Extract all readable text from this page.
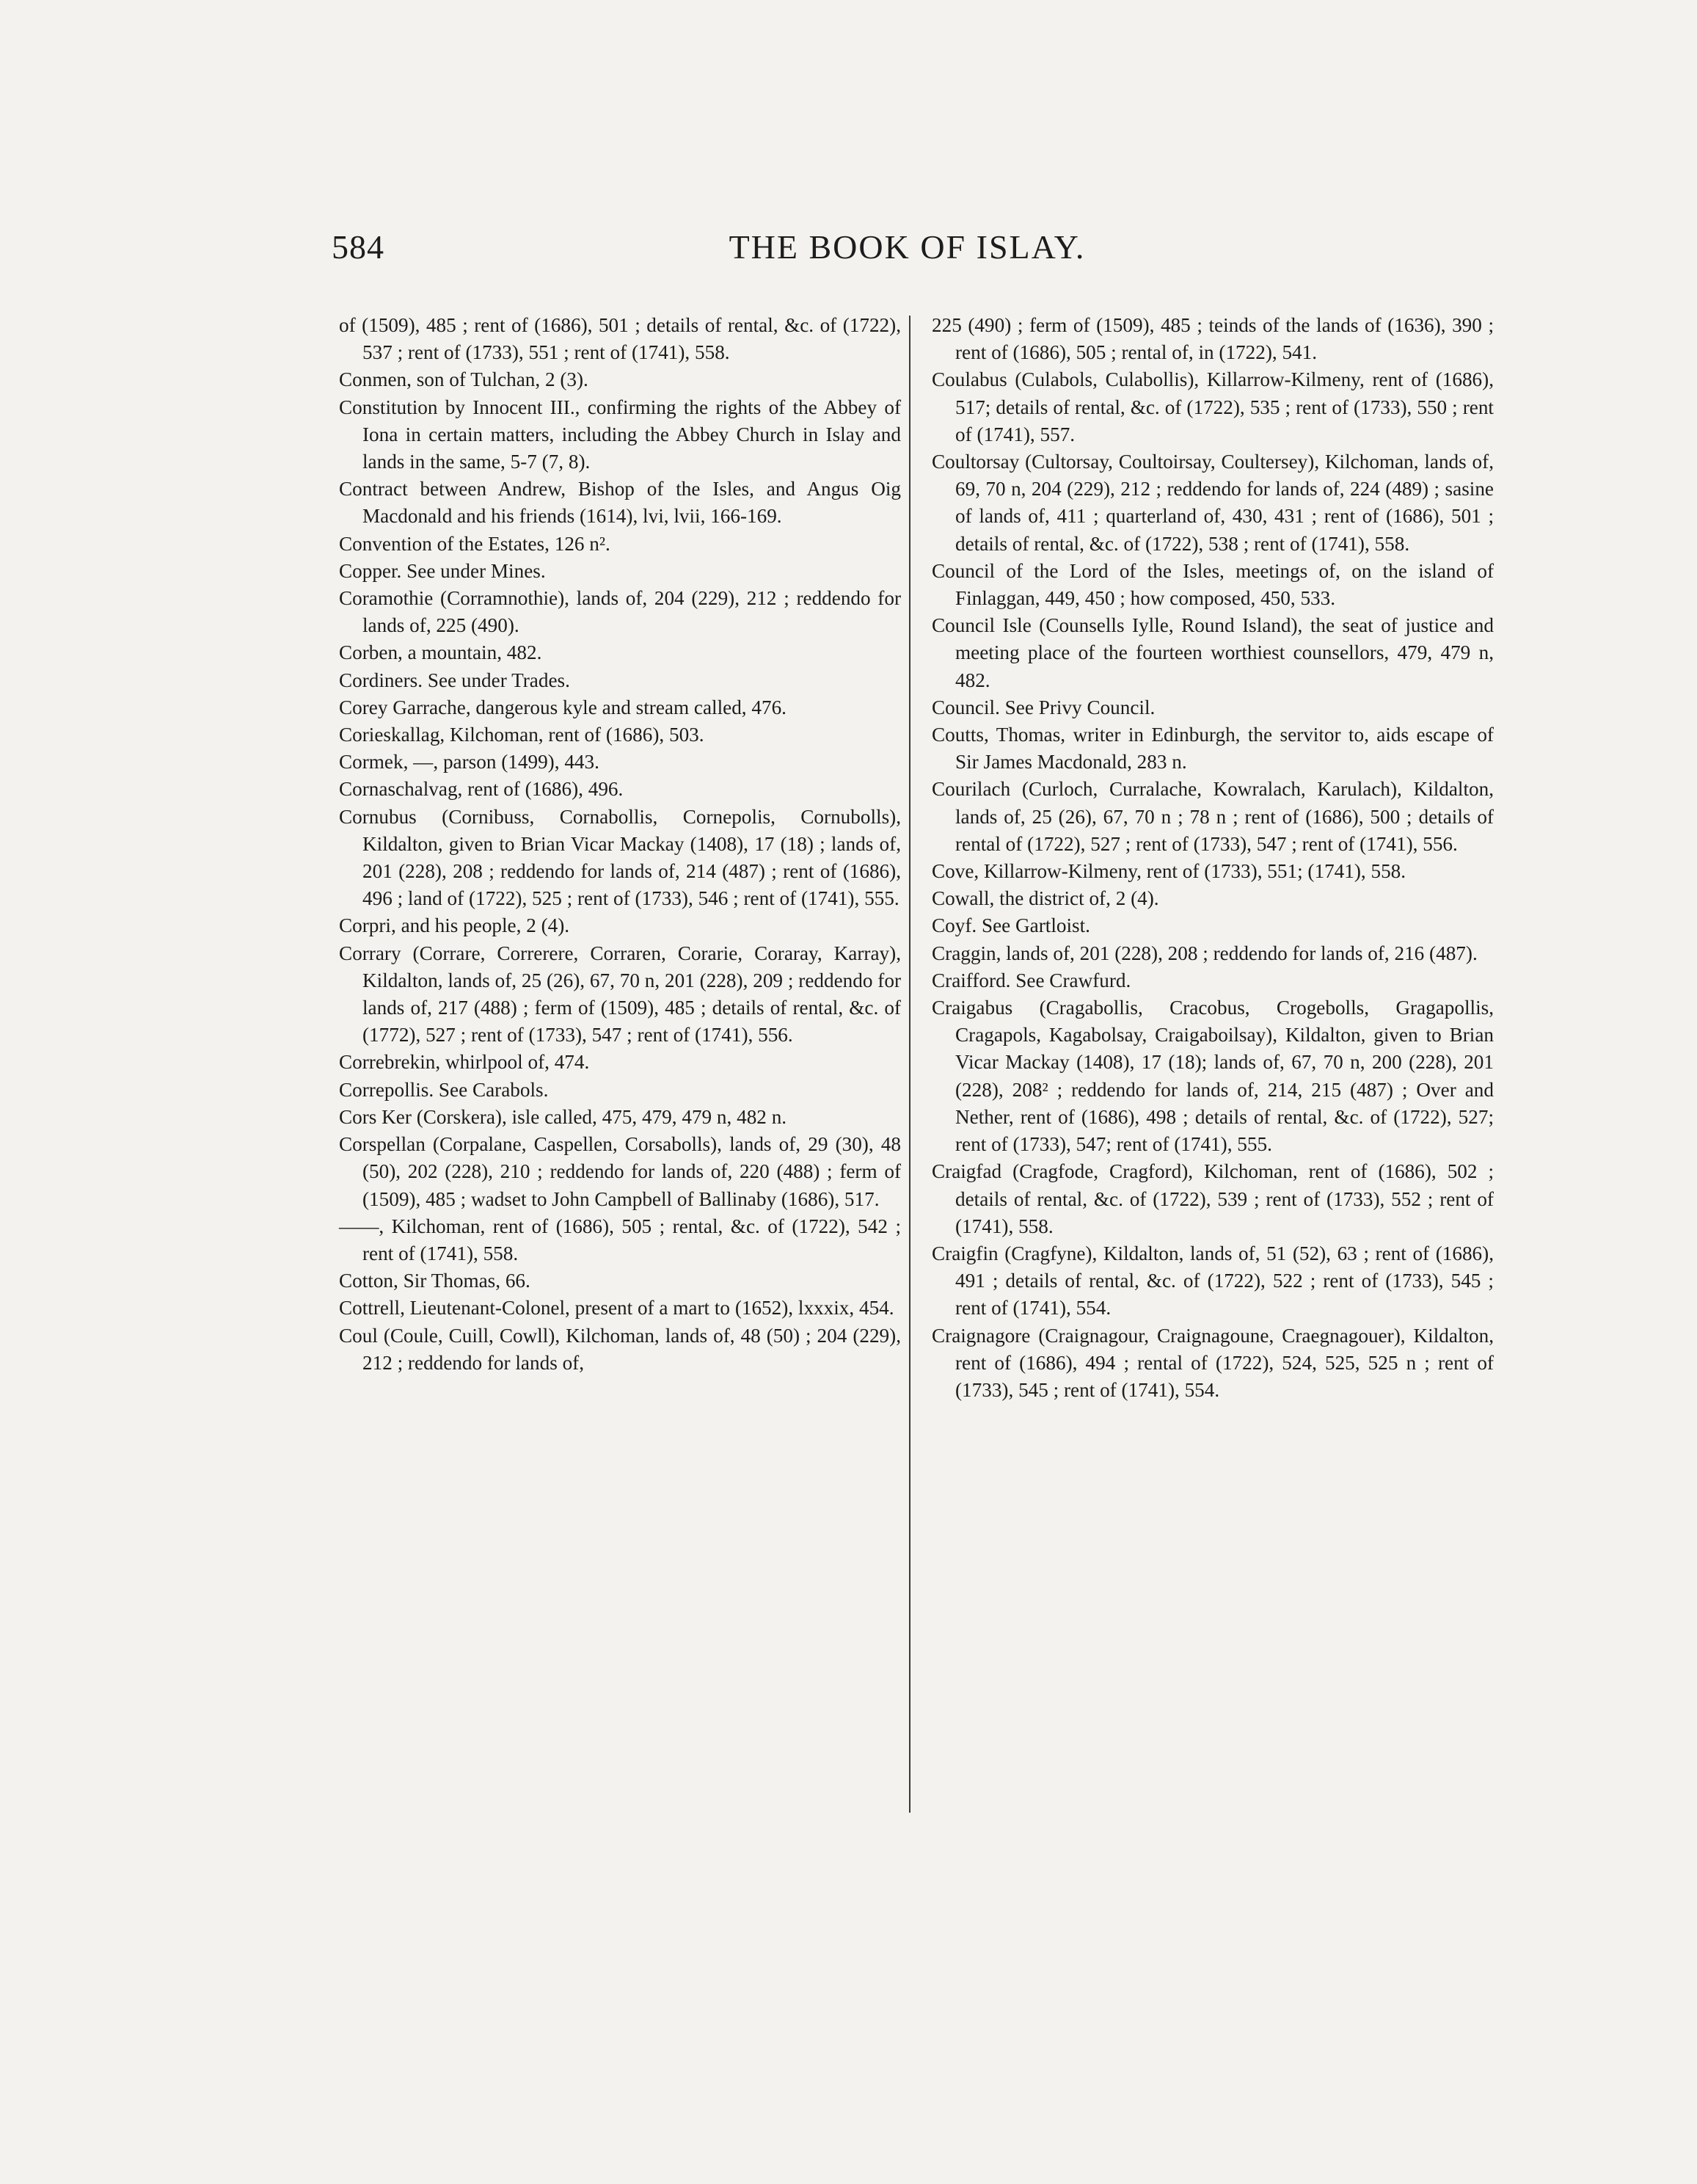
584	THE BOOK OF ISLAY.

of (1509), 485 ; rent of (1686), 501 ; details of rental, &c. of (1722), 537 ; rent of (1733), 551 ; rent of (1741), 558.

Conmen, son of Tulchan, 2 (3).

Constitution by Innocent III., confirming the rights of the Abbey of Iona in certain matters, including the Abbey Church in Islay and lands in the same, 5-7 (7, 8).

Contract between Andrew, Bishop of the Isles, and Angus Oig Macdonald and his friends (1614), lvi, lvii, 166-169.

Convention of the Estates, 126 n².

Copper. See under Mines.

Coramothie (Corramnothie), lands of, 204 (229), 212 ; reddendo for lands of, 225 (490).

Corben, a mountain, 482.

Cordiners. See under Trades.

Corey Garrache, dangerous kyle and stream called, 476.

Corieskallag, Kilchoman, rent of (1686), 503.

Cormek, —, parson (1499), 443.

Cornaschalvag, rent of (1686), 496.

Cornubus (Cornibuss, Cornabollis, Cornepolis, Cornubolls), Kildalton, given to Brian Vicar Mackay (1408), 17 (18) ; lands of, 201 (228), 208 ; reddendo for lands of, 214 (487) ; rent of (1686), 496 ; land of (1722), 525 ; rent of (1733), 546 ; rent of (1741), 555.

Corpri, and his people, 2 (4).

Corrary (Corrare, Correrere, Corraren, Corarie, Coraray, Karray), Kildalton, lands of, 25 (26), 67, 70 n, 201 (228), 209 ; reddendo for lands of, 217 (488) ; ferm of (1509), 485 ; details of rental, &c. of (1772), 527 ; rent of (1733), 547 ; rent of (1741), 556.

Correbrekin, whirlpool of, 474.

Correpollis. See Carabols.

Cors Ker (Corskera), isle called, 475, 479, 479 n, 482 n.

Corspellan (Corpalane, Caspellen, Corsabolls), lands of, 29 (30), 48 (50), 202 (228), 210 ; reddendo for lands of, 220 (488) ; ferm of (1509), 485 ; wadset to John Campbell of Ballinaby (1686), 517.

——, Kilchoman, rent of (1686), 505 ; rental, &c. of (1722), 542 ; rent of (1741), 558.

Cotton, Sir Thomas, 66.

Cottrell, Lieutenant-Colonel, present of a mart to (1652), lxxxix, 454.

Coul (Coule, Cuill, Cowll), Kilchoman, lands of, 48 (50) ; 204 (229), 212 ; reddendo for lands of,

225 (490) ; ferm of (1509), 485 ; teinds of the lands of (1636), 390 ; rent of (1686), 505 ; rental of, in (1722), 541.

Coulabus (Culabols, Culabollis), Killarrow-Kilmeny, rent of (1686), 517; details of rental, &c. of (1722), 535 ; rent of (1733), 550 ; rent of (1741), 557.

Coultorsay (Cultorsay, Coultoirsay, Coultersey), Kilchoman, lands of, 69, 70 n, 204 (229), 212 ; reddendo for lands of, 224 (489) ; sasine of lands of, 411 ; quarterland of, 430, 431 ; rent of (1686), 501 ; details of rental, &c. of (1722), 538 ; rent of (1741), 558.

Council of the Lord of the Isles, meetings of, on the island of Finlaggan, 449, 450 ; how composed, 450, 533.

Council Isle (Counsells Iylle, Round Island), the seat of justice and meeting place of the fourteen worthiest counsellors, 479, 479 n, 482.

Council. See Privy Council.

Coutts, Thomas, writer in Edinburgh, the servitor to, aids escape of Sir James Macdonald, 283 n.

Courilach (Curloch, Curralache, Kowralach, Karulach), Kildalton, lands of, 25 (26), 67, 70 n ; 78 n ; rent of (1686), 500 ; details of rental of (1722), 527 ; rent of (1733), 547 ; rent of (1741), 556.

Cove, Killarrow-Kilmeny, rent of (1733), 551; (1741), 558.

Cowall, the district of, 2 (4).

Coyf. See Gartloist.

Craggin, lands of, 201 (228), 208 ; reddendo for lands of, 216 (487).

Craifford. See Crawfurd.

Craigabus (Cragabollis, Cracobus, Crogebolls, Gragapollis, Cragapols, Kagabolsay, Craigaboilsay), Kildalton, given to Brian Vicar Mackay (1408), 17 (18); lands of, 67, 70 n, 200 (228), 201 (228), 208² ; reddendo for lands of, 214, 215 (487) ; Over and Nether, rent of (1686), 498 ; details of rental, &c. of (1722), 527; rent of (1733), 547; rent of (1741), 555.

Craigfad (Cragfode, Cragford), Kilchoman, rent of (1686), 502 ; details of rental, &c. of (1722), 539 ; rent of (1733), 552 ; rent of (1741), 558.

Craigfin (Cragfyne), Kildalton, lands of, 51 (52), 63 ; rent of (1686), 491 ; details of rental, &c. of (1722), 522 ; rent of (1733), 545 ; rent of (1741), 554.

Craignagore (Craignagour, Craignagoune, Craegnagouer), Kildalton, rent of (1686), 494 ; rental of (1722), 524, 525, 525 n ; rent of (1733), 545 ; rent of (1741), 554.
